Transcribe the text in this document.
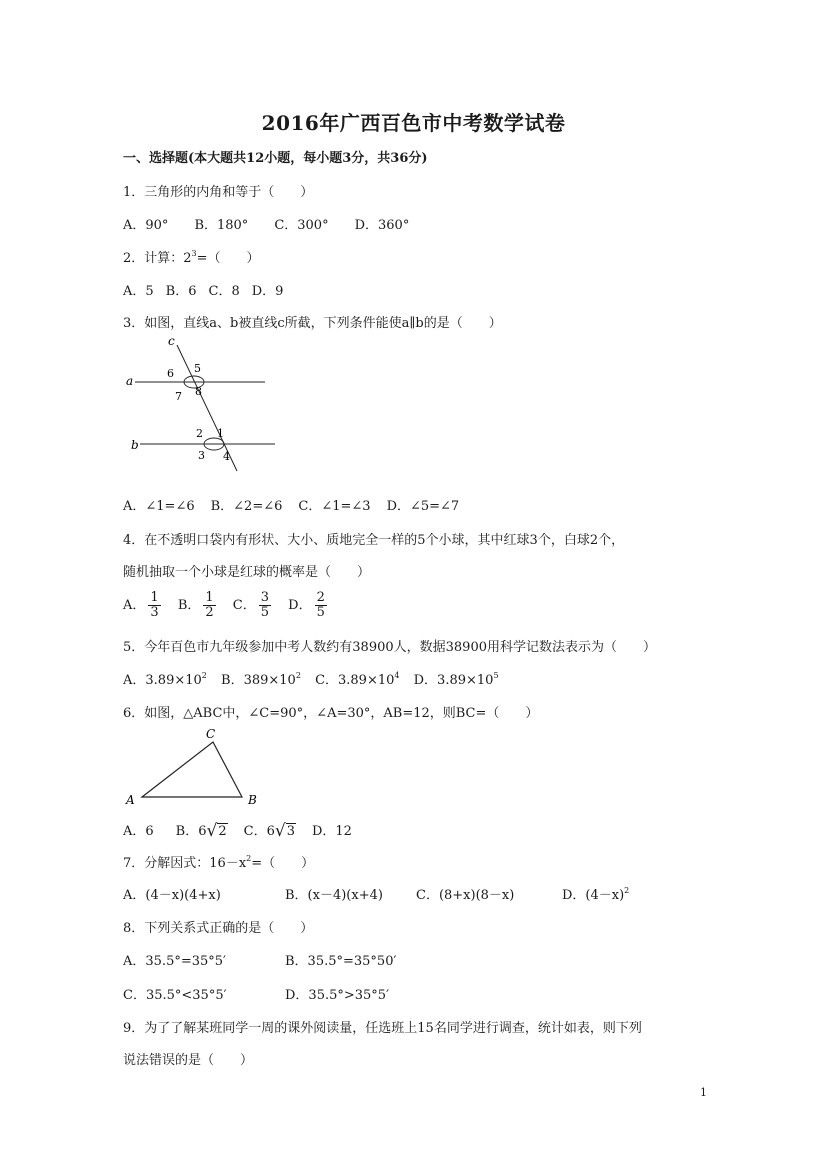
2016年广西百色市中考数学试卷
一、选择题(本大题共12小题，每小题3分，共36分)
1．三角形的内角和等于（　　）
A．90° B．180° C．300° D．360°
2．计算：$2^3=$（　　）
A．5 B．6 C．8 D．9
3．如图，直线a、b被直线c所截，下列条件能使a∥b的是（　　）
a
b
c
5
6
7 8
1
2
3 4
A．∠1=∠6 B．∠2=∠6 C．∠1=∠3 D．∠5=∠7
4．在不透明口袋内有形状、大小、质地完全一样的5个小球，其中红球3个，白球2个，
随机抽取一个小球是红球的概率是（　　）
A． $\frac{1}{3}$ B． $\frac{1}{2}$ C． $\frac{3}{5}$ D． $\frac{2}{5}$
5．今年百色市九年级参加中考人数约有38900人，数据38900用科学记数法表示为（　　）
A．$3.89\times 10^2$ B．$389\times 10^2$ C．$3.89\times 10^4$ D．$3.89\times 10^5$
6．如图，△ABC中，∠C=90°，∠A=30°，AB=12，则BC=（　　）
A	B
C
A．6 B．6√2 C．6√3 D．12
7．分解因式：$16-x^2=$（　　）
A．(4－x)(4+x)	B．(x－4)(x+4)	C．(8+x)(8－x)	D．$(4-x)^2$
8．下列关系式正确的是（　　）
A．35.5°=35°5′	B．35.5°=35°50′
C．35.5°<35°5′	D．35.5°>35°5′
9．为了了解某班同学一周的课外阅读量，任选班上15名同学进行调查，统计如表，则下列
说法错误的是（　　）
1
